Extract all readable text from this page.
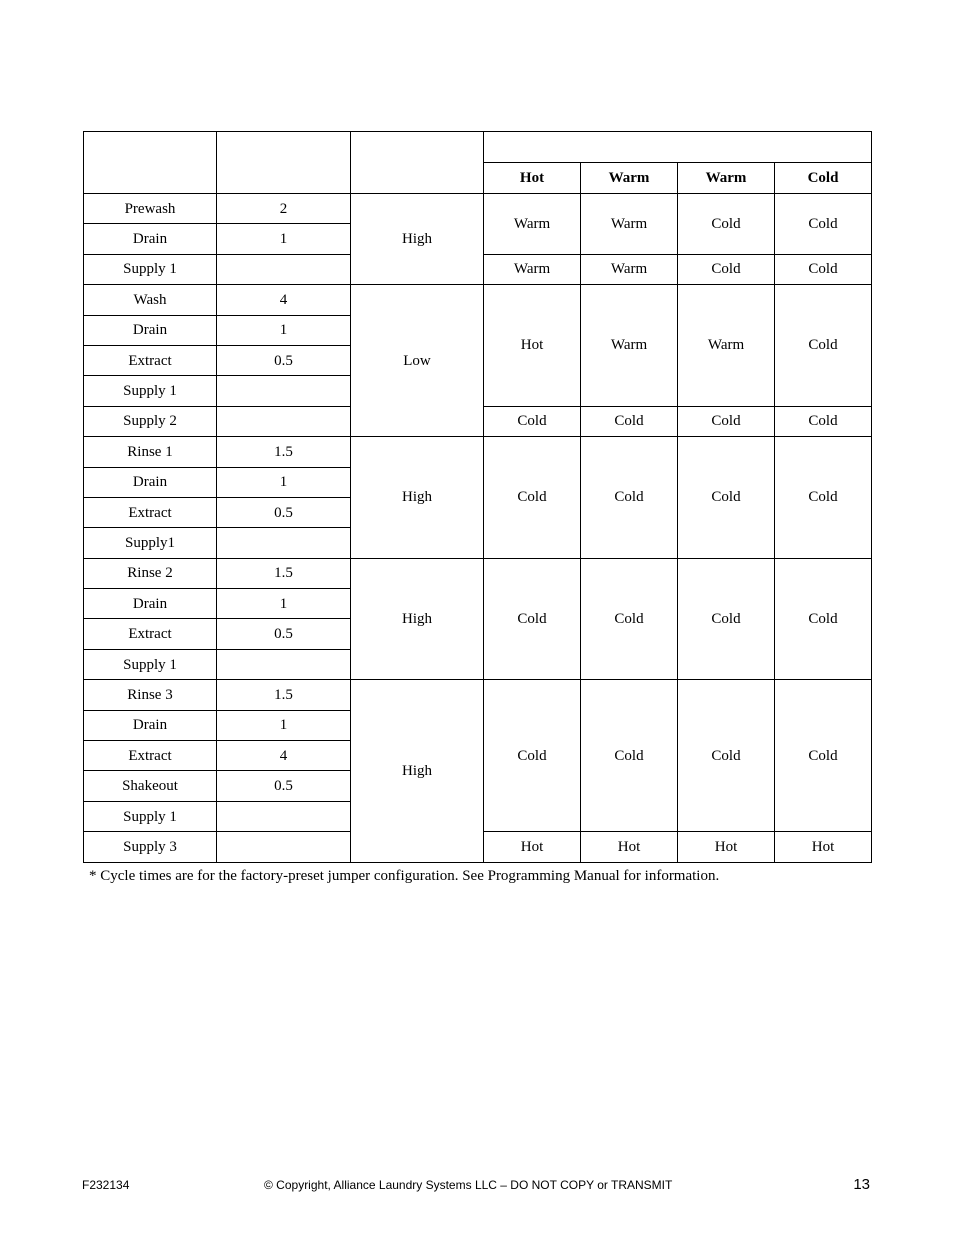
			Hot	Warm	Warm	Cold
Prewash	2	High	Warm	Warm	Cold	Cold
Drain	1					
Supply 1			Warm	Warm	Cold	Cold
Wash	4	Low	Hot	Warm	Warm	Cold
Drain	1					
Extract	0.5					
Supply 1						
Supply 2			Cold	Cold	Cold	Cold
Rinse 1	1.5	High	Cold	Cold	Cold	Cold
Drain	1					
Extract	0.5					
Supply1						
Rinse 2	1.5	High	Cold	Cold	Cold	Cold
Drain	1					
Extract	0.5					
Supply 1						
Rinse 3	1.5	High	Cold	Cold	Cold	Cold
Drain	1					
Extract	4					
Shakeout	0.5					
Supply 1						
Supply 3			Hot	Hot	Hot	Hot
* Cycle times are for the factory-preset jumper configuration. See Programming Manual for information.
F232134	© Copyright, Alliance Laundry Systems LLC – DO NOT COPY or TRANSMIT	13
